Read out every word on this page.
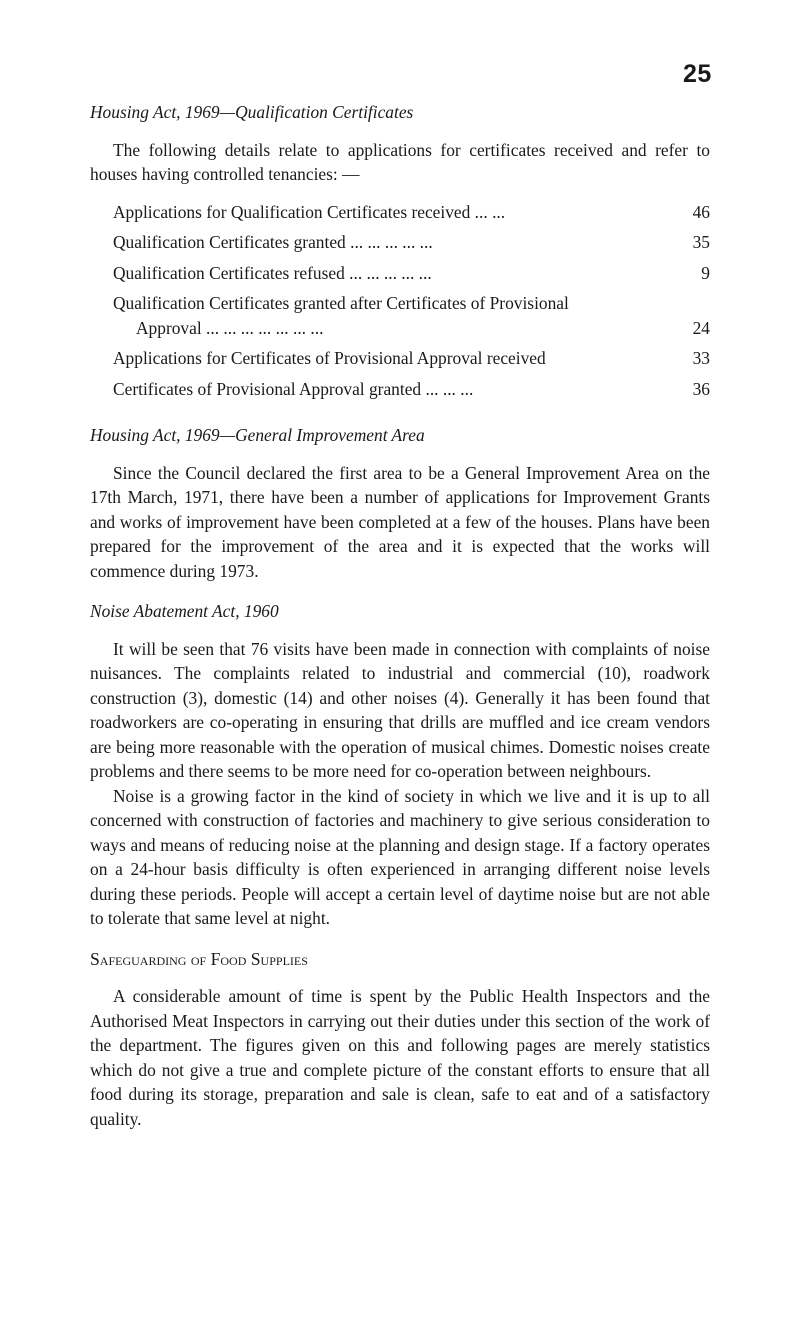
25
Housing Act, 1969—Qualification Certificates

The following details relate to applications for certificates received and refer to houses having controlled tenancies: —

Applications for Qualification Certificates received ... ...	46
Qualification Certificates granted ... ... ... ... ...	35
Qualification Certificates refused ... ... ... ... ...	9
Qualification Certificates granted after Certificates of Provisional
Approval ... ... ... ... ... ... ...	24
Applications for Certificates of Provisional Approval received	33
Certificates of Provisional Approval granted ... ... ...	36
Housing Act, 1969—General Improvement Area

Since the Council declared the first area to be a General Improvement Area on the 17th March, 1971, there have been a number of applications for Improvement Grants and works of improvement have been completed at a few of the houses. Plans have been prepared for the improvement of the area and it is expected that the works will commence during 1973.

Noise Abatement Act, 1960

It will be seen that 76 visits have been made in connection with complaints of noise nuisances. The complaints related to industrial and commercial (10), roadwork construction (3), domestic (14) and other noises (4). Generally it has been found that roadworkers are co-operating in ensuring that drills are muffled and ice cream vendors are being more reasonable with the operation of musical chimes. Domestic noises create problems and there seems to be more need for co-operation between neighbours.

Noise is a growing factor in the kind of society in which we live and it is up to all concerned with construction of factories and machinery to give serious consideration to ways and means of reducing noise at the planning and design stage. If a factory operates on a 24-hour basis difficulty is often experienced in arranging different noise levels during these periods. People will accept a certain level of daytime noise but are not able to tolerate that same level at night.

Safeguarding of Food Supplies

A considerable amount of time is spent by the Public Health Inspectors and the Authorised Meat Inspectors in carrying out their duties under this section of the work of the department. The figures given on this and following pages are merely statistics which do not give a true and complete picture of the constant efforts to ensure that all food during its storage, preparation and sale is clean, safe to eat and of a satisfactory quality.
